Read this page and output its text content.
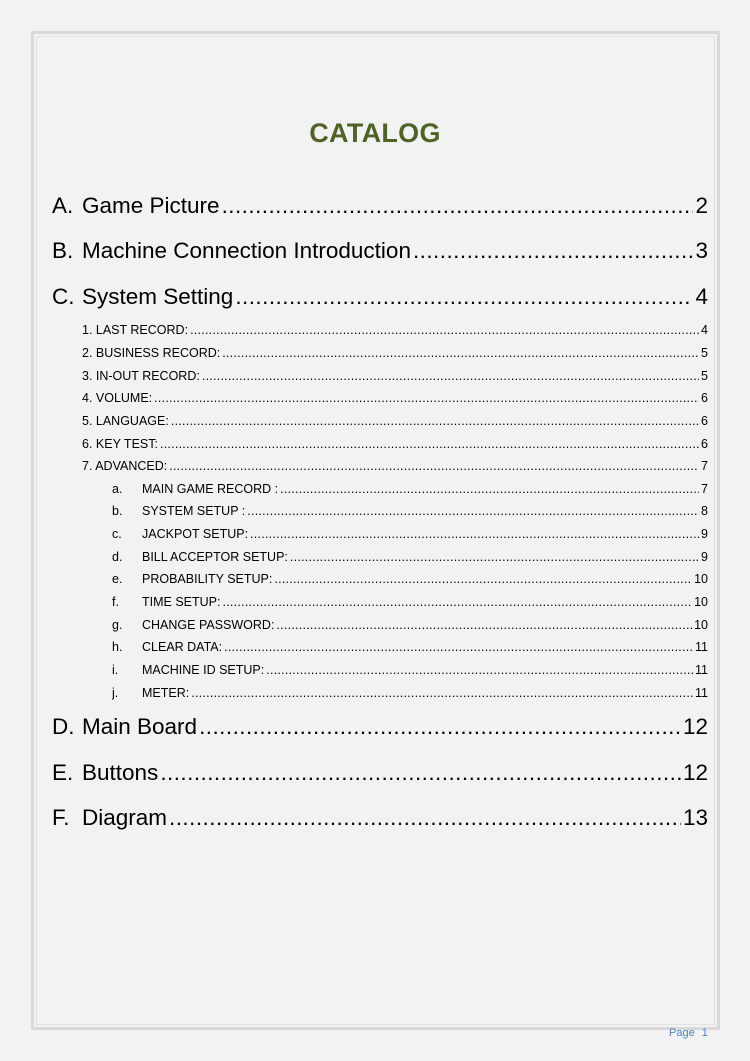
CATALOG
A. Game Picture .....	2
B. Machine Connection Introduction .....	3
C. System Setting .....	4
1. LAST RECORD: .....	4
2. BUSINESS RECORD: .....	5
3. IN-OUT RECORD: .....	5
4. VOLUME: .....	6
5. LANGUAGE: .....	6
6. KEY TEST: .....	6
7. ADVANCED: .....	7
a.	MAIN GAME RECORD : .....	7
b.	SYSTEM SETUP : .....	8
c.	JACKPOT SETUP: .....	9
d.	BILL ACCEPTOR SETUP: .....	9
e.	PROBABILITY SETUP: .....	10
f.	TIME SETUP: .....	10
g.	CHANGE PASSWORD: .....	10
h.	CLEAR DATA: .....	11
i.	MACHINE ID SETUP: .....	11
j.	METER: .....	11
D. Main Board .....	12
E. Buttons .....	12
F. Diagram .....	13
Page 1
